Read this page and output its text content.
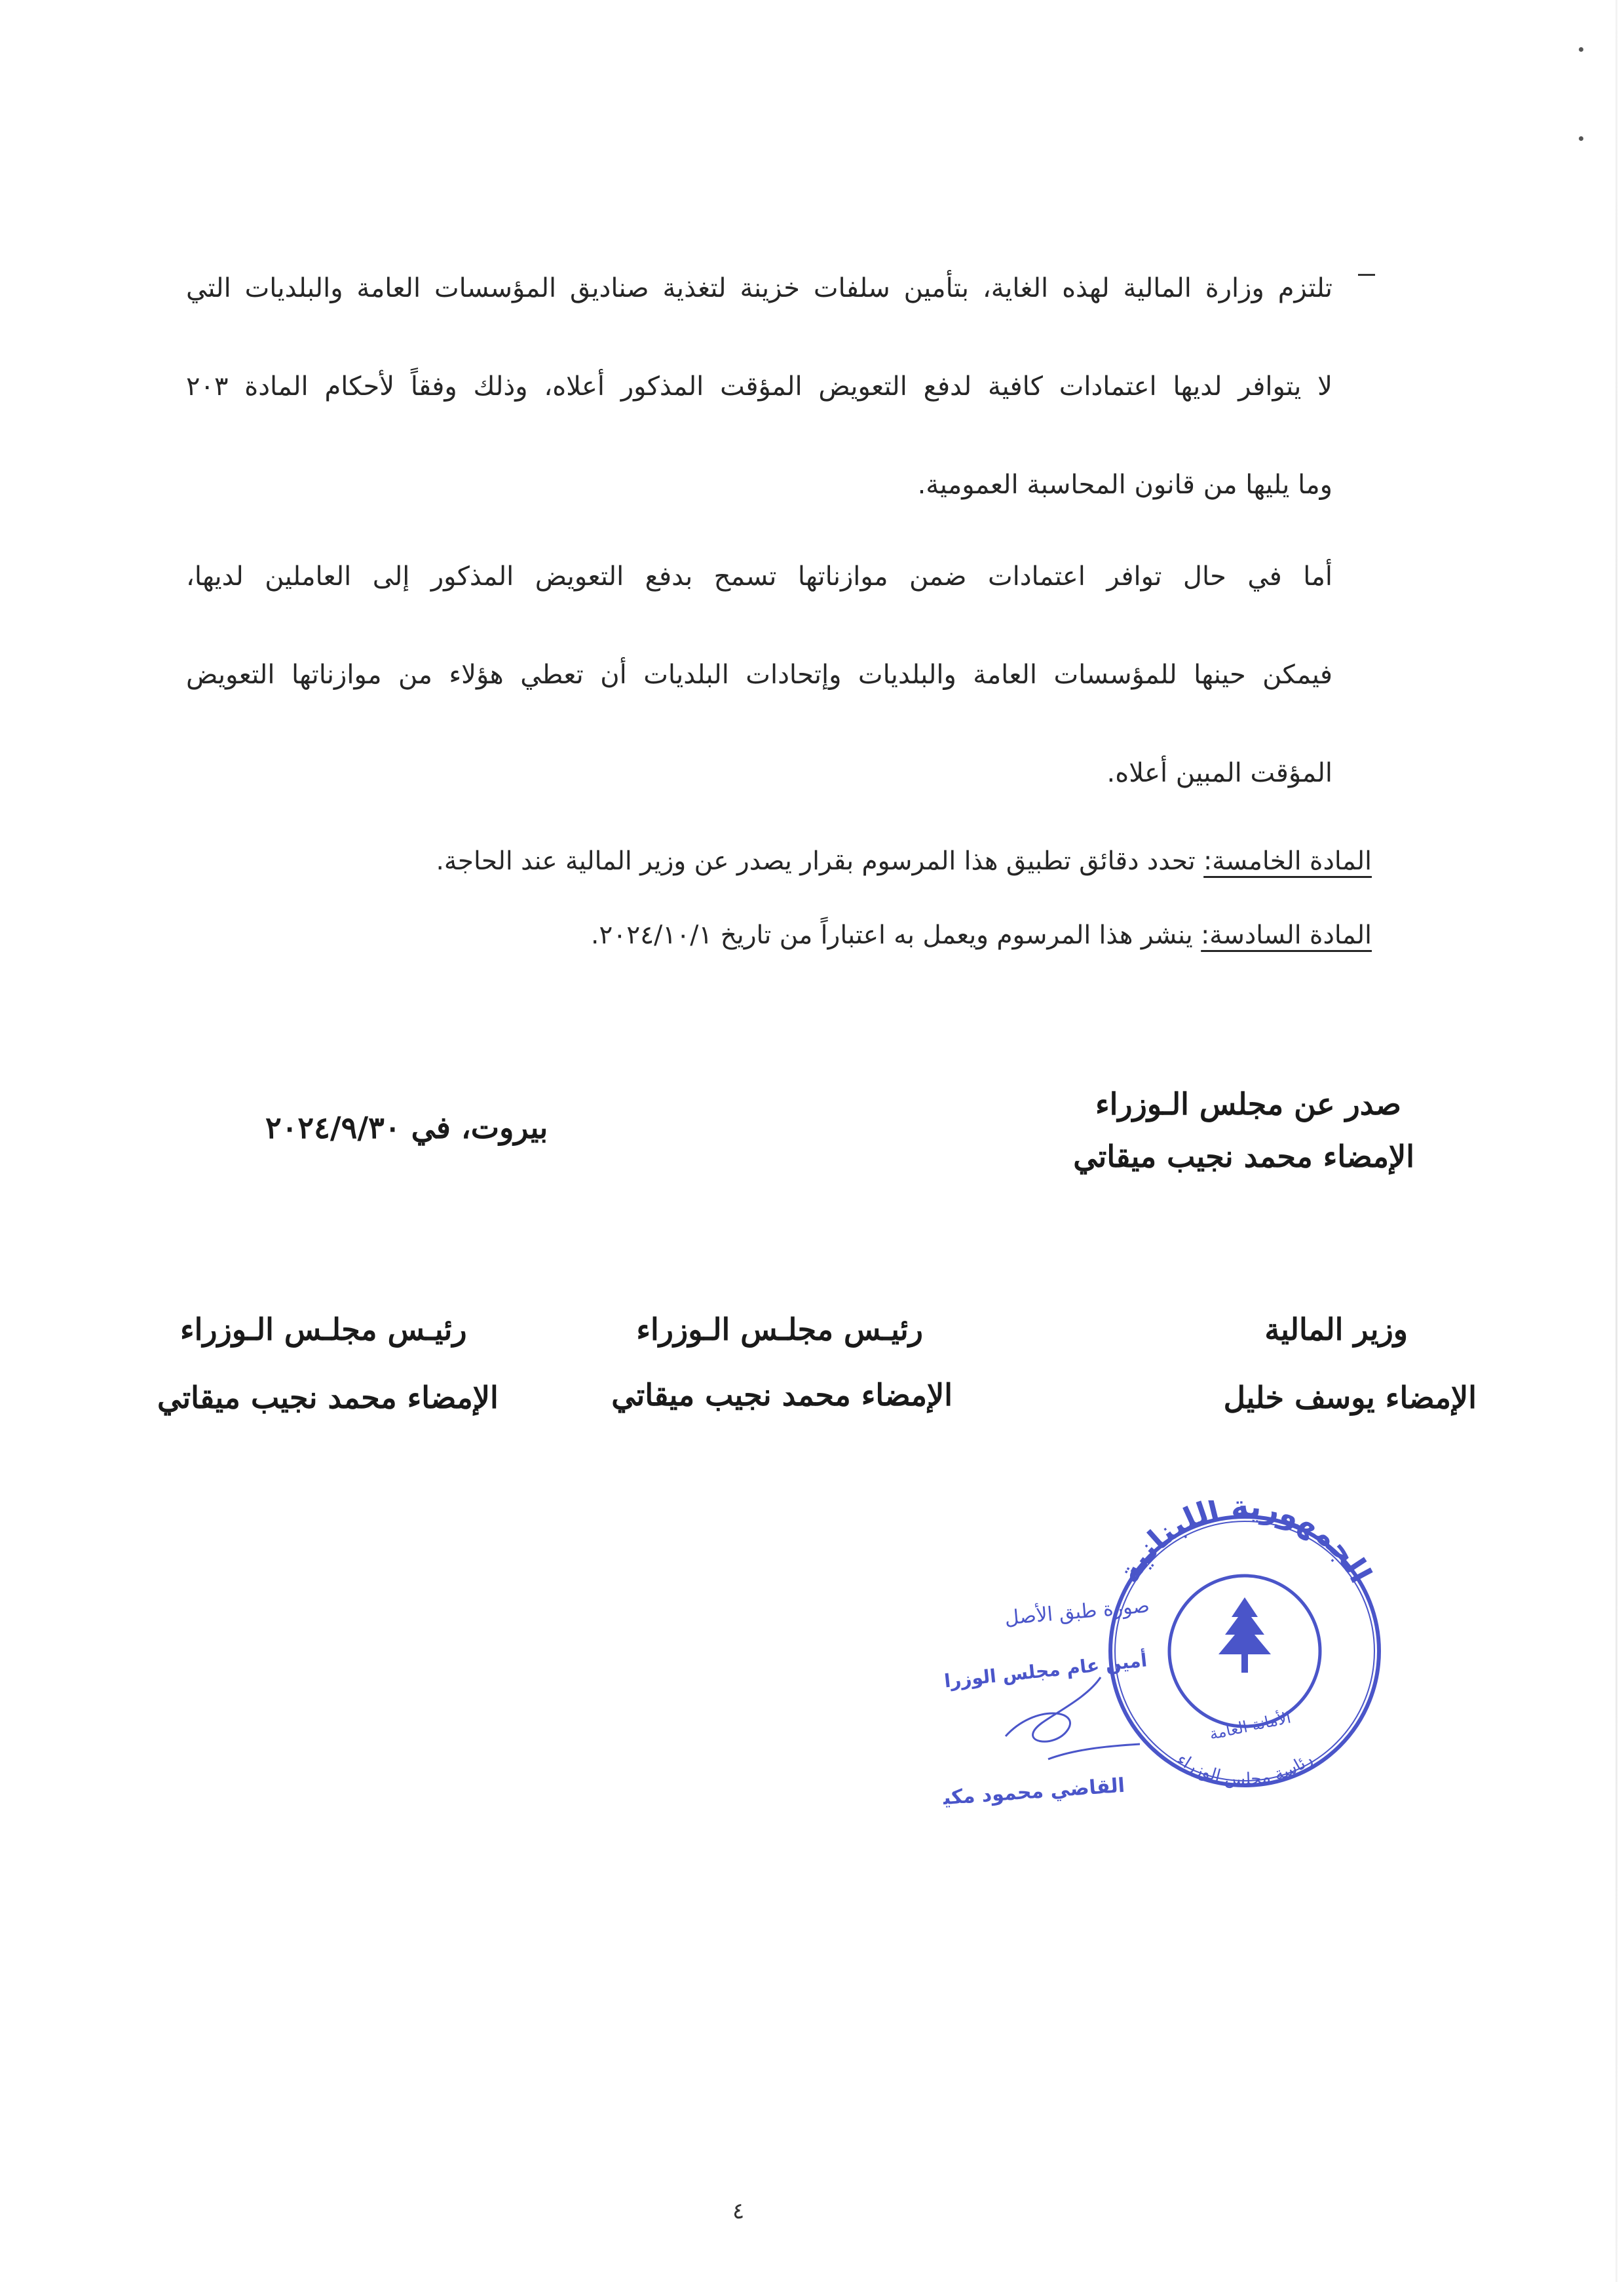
تلتزم وزارة المالية لهذه الغاية، بتأمين سلفات خزينة لتغذية صناديق المؤسسات العامة والبلديات التي
لا يتوافر لديها اعتمادات كافية لدفع التعويض المؤقت المذكور أعلاه، وذلك وفقاً لأحكام المادة ٢٠٣
وما يليها من قانون المحاسبة العمومية.
أما في حال توافر اعتمادات ضمن موازناتها تسمح بدفع التعويض المذكور إلى العاملين لديها،
فيمكن حينها للمؤسسات العامة والبلديات وإتحادات البلديات أن تعطي هؤلاء من موازناتها التعويض
المؤقت المبين أعلاه.
المادة الخامسة: تحدد دقائق تطبيق هذا المرسوم بقرار يصدر عن وزير المالية عند الحاجة.
المادة السادسة: ينشر هذا المرسوم ويعمل به اعتباراً من تاريخ ٢٠٢٤/١٠/١.
صدر عن مجلس الـوزراء
الإمضاء محمد نجيب ميقاتي
بيروت، في ٢٠٢٤/٩/٣٠
وزير المالية
الإمضاء يوسف خليل
رئيـس مجلـس الـوزراء
الإمضاء محمد نجيب ميقاتي
رئيـس مجلـس الـوزراء
الإمضاء محمد نجيب ميقاتي
الجمهورية اللبنانية
رئاسة مجلس الوزراء
الأمانة العامة
صورة طبق الأصل
أمين عام مجلس الوزراء
القاضي محمود مكيه
٤
